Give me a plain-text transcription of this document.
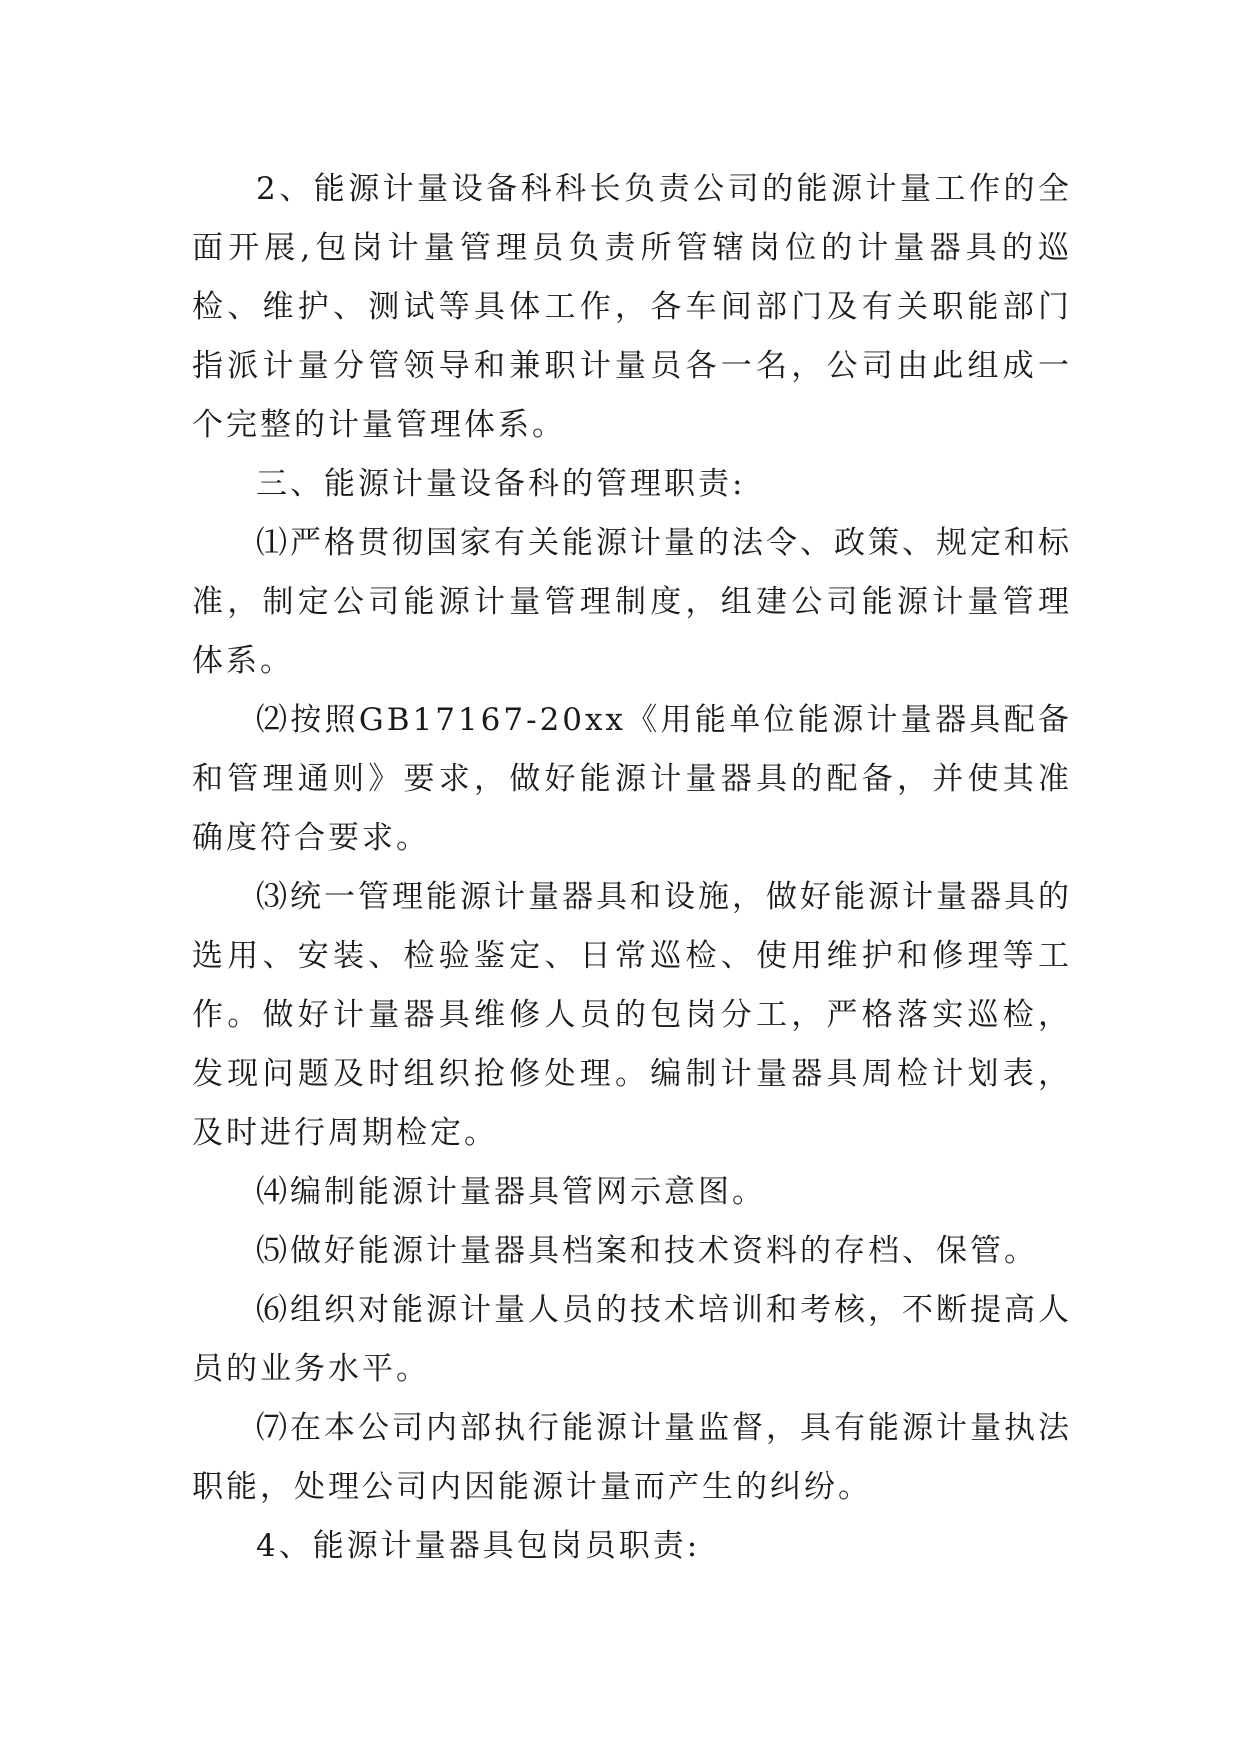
2、能源计量设备科科长负责公司的能源计量工作的全面开展,包岗计量管理员负责所管辖岗位的计量器具的巡检、维护、测试等具体工作，各车间部门及有关职能部门指派计量分管领导和兼职计量员各一名，公司由此组成一个完整的计量管理体系。

三、能源计量设备科的管理职责:

⑴严格贯彻国家有关能源计量的法令、政策、规定和标准，制定公司能源计量管理制度，组建公司能源计量管理体系。

⑵按照GB17167-20xx《用能单位能源计量器具配备和管理通则》要求，做好能源计量器具的配备，并使其准确度符合要求。

⑶统一管理能源计量器具和设施，做好能源计量器具的选用、安装、检验鉴定、日常巡检、使用维护和修理等工作。做好计量器具维修人员的包岗分工，严格落实巡检，发现问题及时组织抢修处理。编制计量器具周检计划表，及时进行周期检定。

⑷编制能源计量器具管网示意图。

⑸做好能源计量器具档案和技术资料的存档、保管。

⑹组织对能源计量人员的技术培训和考核，不断提高人员的业务水平。

⑺在本公司内部执行能源计量监督，具有能源计量执法职能，处理公司内因能源计量而产生的纠纷。

4、能源计量器具包岗员职责:
